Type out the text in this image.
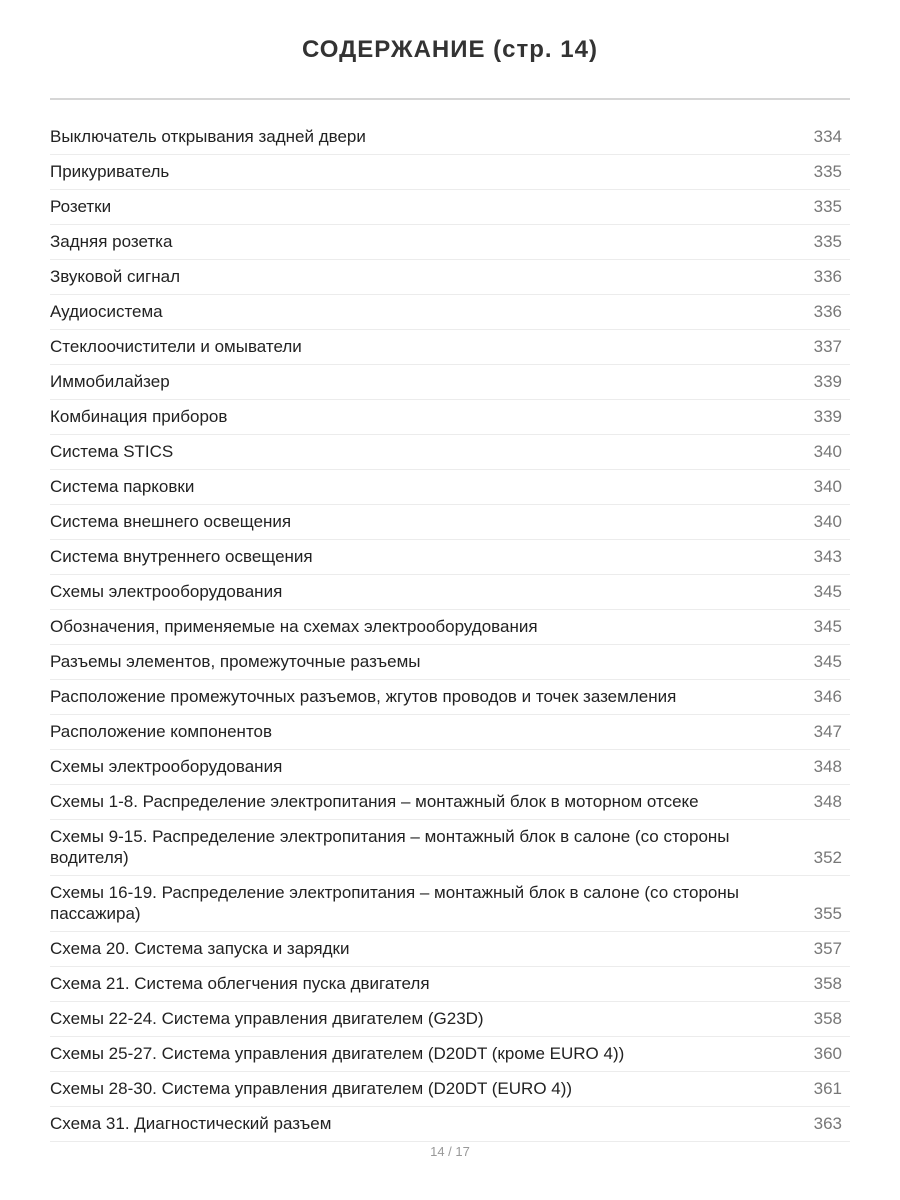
СОДЕРЖАНИЕ (стр. 14)
Выключатель открывания задней двери	334
Прикуриватель	335
Розетки	335
Задняя розетка	335
Звуковой сигнал	336
Аудиосистема	336
Стеклоочистители и омыватели	337
Иммобилайзер	339
Комбинация приборов	339
Система STICS	340
Система парковки	340
Система внешнего освещения	340
Система внутреннего освещения	343
Схемы электрооборудования	345
Обозначения, применяемые на схемах электрооборудования	345
Разъемы элементов, промежуточные разъемы	345
Расположение промежуточных разъемов, жгутов проводов и точек заземления	346
Расположение компонентов	347
Схемы электрооборудования	348
Схемы 1-8. Распределение электропитания – монтажный блок в моторном отсеке	348
Схемы 9-15. Распределение электропитания – монтажный блок в салоне (со стороны водителя)	352
Схемы 16-19. Распределение электропитания – монтажный блок в салоне (со стороны пассажира)	355
Схема 20. Система запуска и зарядки	357
Схема 21. Система облегчения пуска двигателя	358
Схемы 22-24. Система управления двигателем (G23D)	358
Схемы 25-27. Система управления двигателем (D20DT (кроме EURO 4))	360
Схемы 28-30. Система управления двигателем (D20DT (EURO 4))	361
Схема 31. Диагностический разъем	363
14 / 17
